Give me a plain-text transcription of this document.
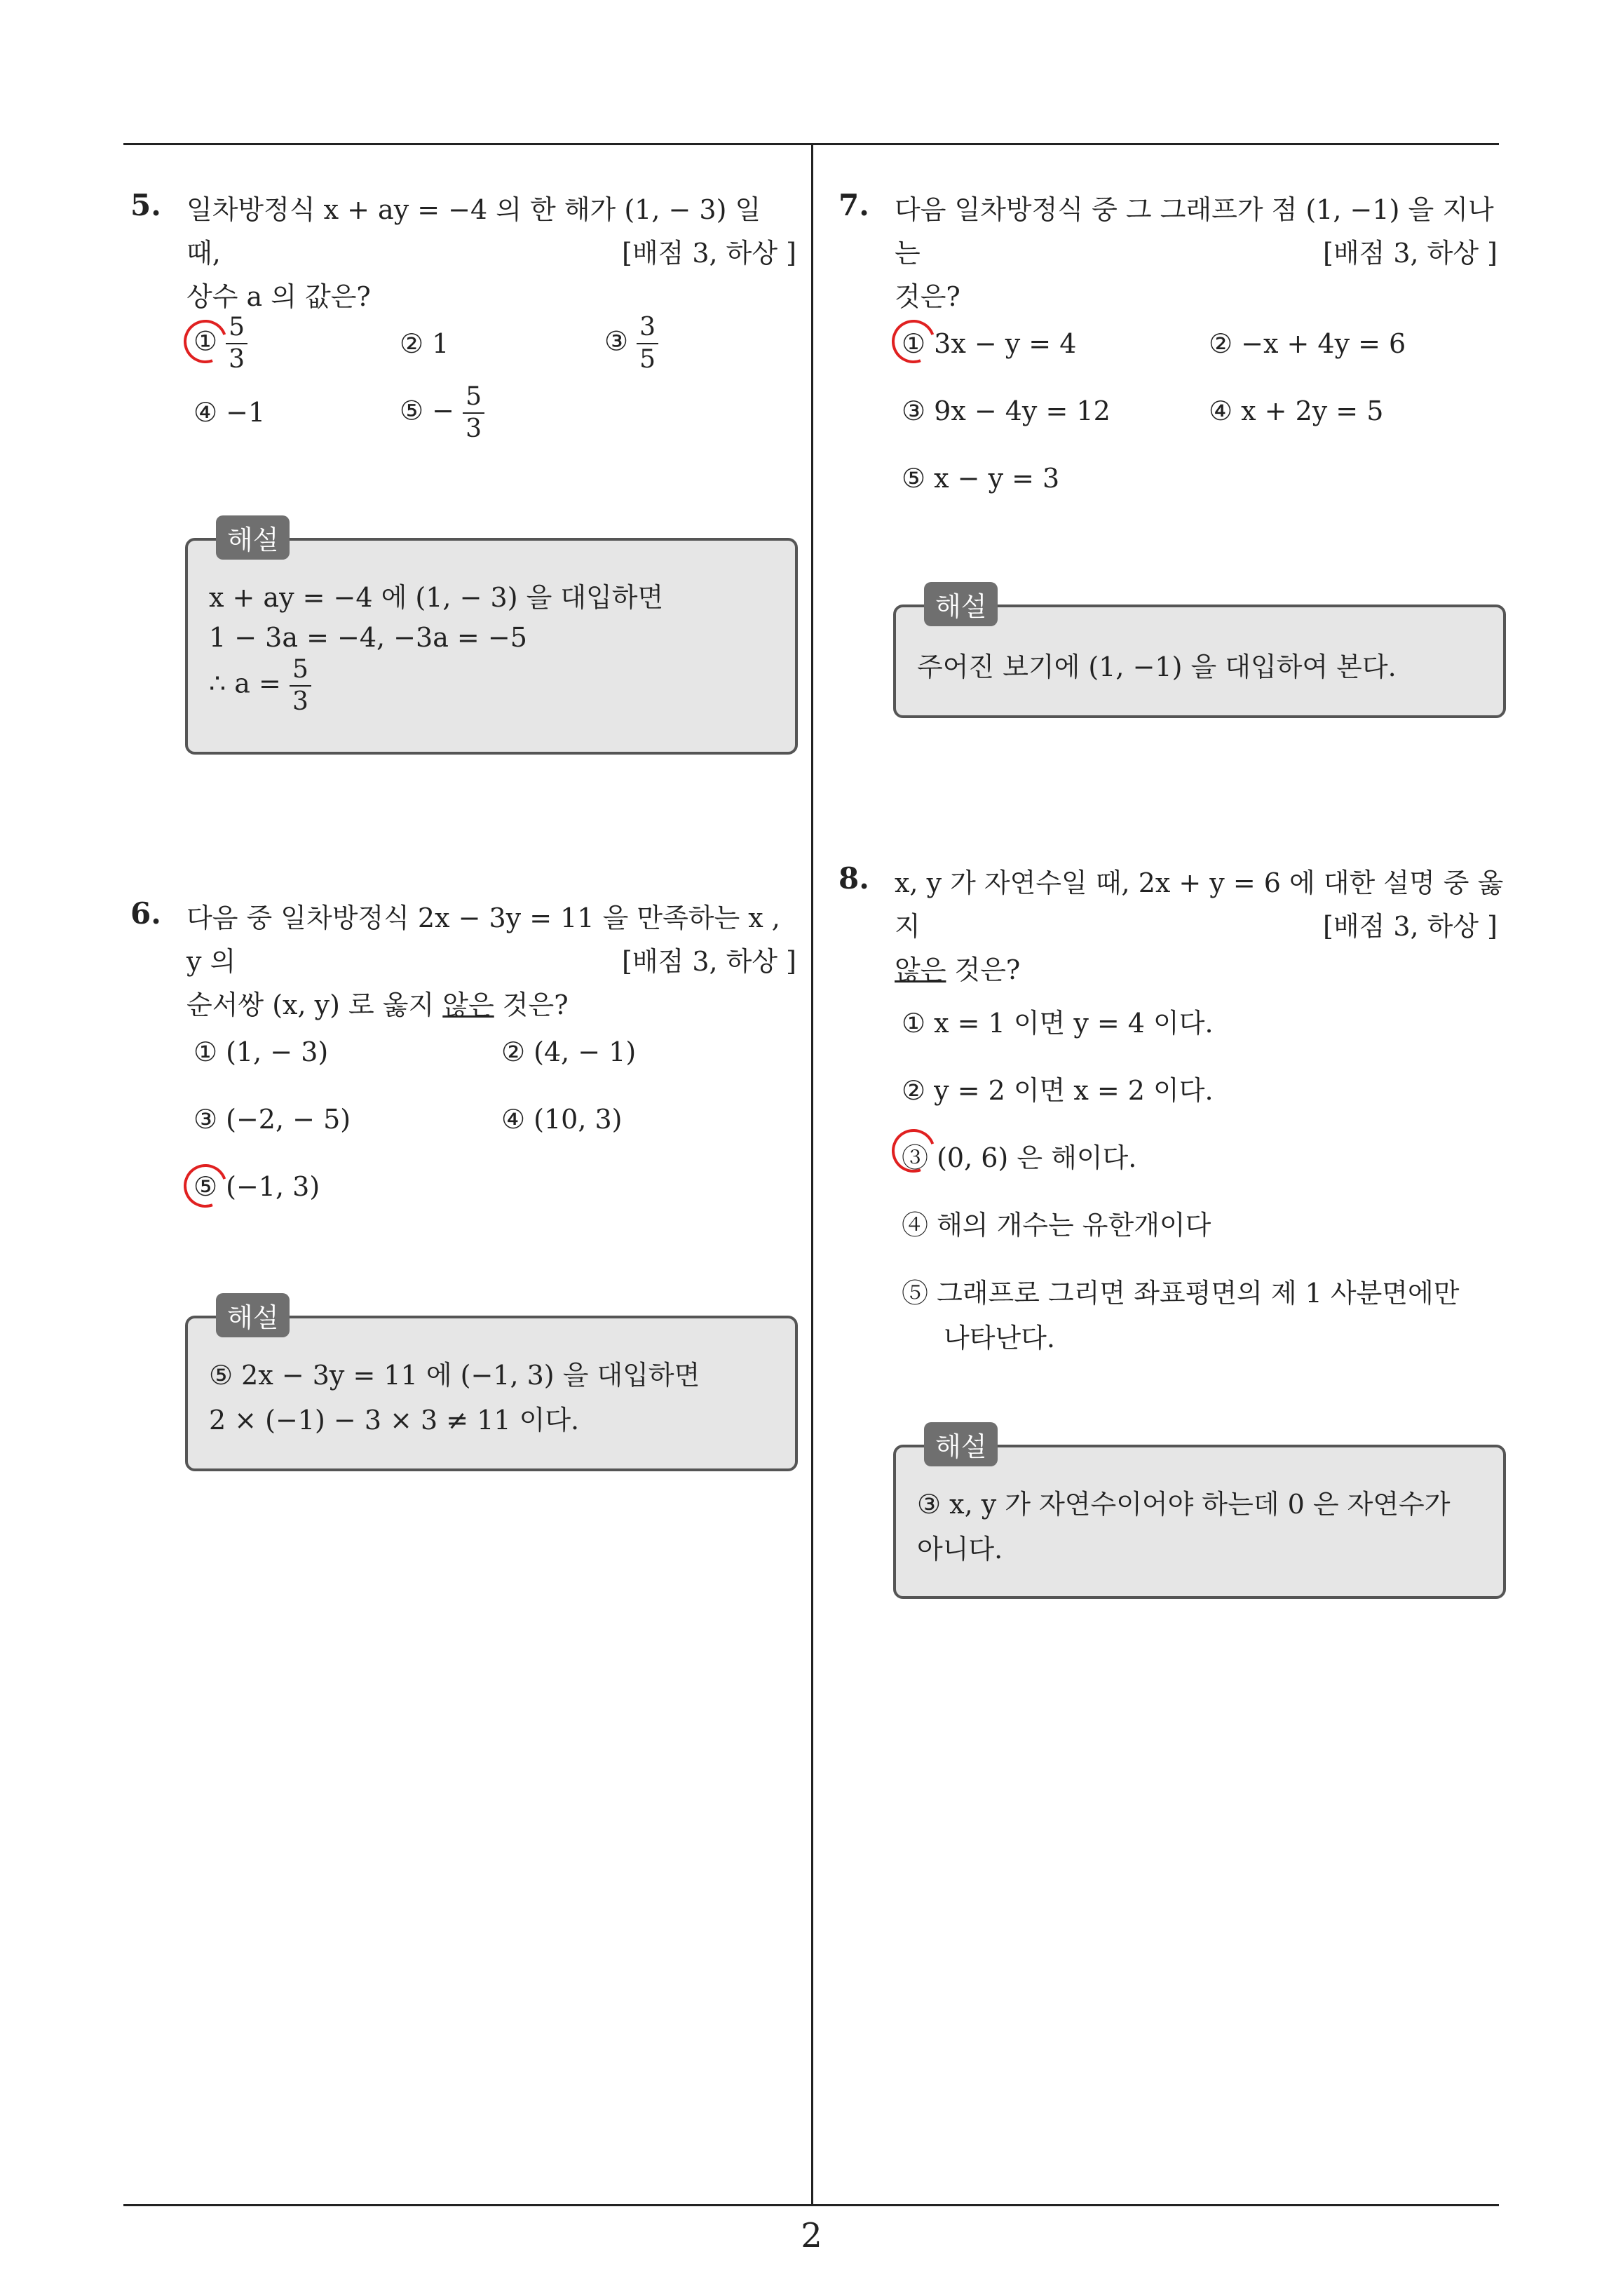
5. 일차방정식 x + ay = −4 의 한 해가 (1, − 3) 일 때,
상수 a 의 값은?
[배점 3, 하상 ]
① $\frac{5}{3}$	② 1	③ $\frac{3}{5}$
④ −1	⑤ − $\frac{5}{3}$
해설
x + ay = −4 에 (1, − 3) 을 대입하면
1 − 3a = −4, −3a = −5
∴ $a = \frac{5}{3}$
6. 다음 중 일차방정식 2x − 3y = 11 을 만족하는 x , y 의
순서쌍 (x, y) 로 옳지 않은 것은?
[배점 3, 하상 ]
① (1, − 3)	② (4, − 1)
③ (−2, − 5)	④ (10, 3)
⑤ (−1, 3)
해설
⑤ 2x − 3y = 11 에 (−1, 3) 을 대입하면
2 × (−1) − 3 × 3 ≠ 11 이다.
7. 다음 일차방정식 중 그 그래프가 점 (1, −1) 을 지나는
것은?
[배점 3, 하상 ]
① 3x − y = 4	② −x + 4y = 6
③ 9x − 4y = 12	④ x + 2y = 5
⑤ x − y = 3
해설
주어진 보기에 (1, −1) 을 대입하여 본다.
8. x, y 가 자연수일 때, 2x + y = 6 에 대한 설명 중 옳지
않은 것은?
[배점 3, 하상 ]
① x = 1 이면 y = 4 이다.
② y = 2 이면 x = 2 이다.
③ (0, 6) 은 해이다.
④ 해의 개수는 유한개이다
⑤ 그래프로 그리면 좌표평면의 제 1 사분면에만
나타난다.
해설
③ x, y 가 자연수이어야 하는데 0 은 자연수가
아니다.
2
